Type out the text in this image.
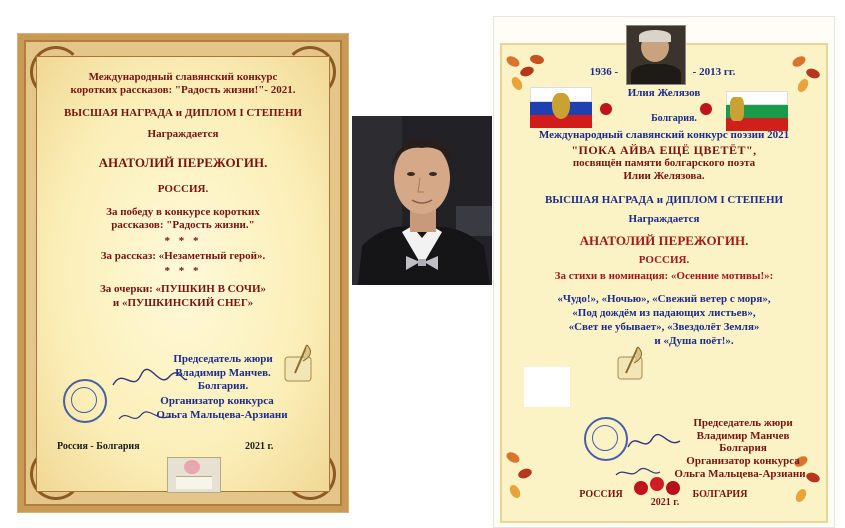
Международный славянский конкурс
коротких рассказов: "Радость жизни!"- 2021.
ВЫСШАЯ НАГРАДА и ДИПЛОМ I СТЕПЕНИ
Награждается
АНАТОЛИЙ ПЕРЕЖОГИН.
РОССИЯ.
За победу в конкурсе коротких
рассказов: "Радость жизни."
* * *
За рассказ: «Незаметный герой».
* * *
За очерки: «ПУШКИН В СОЧИ»
и «ПУШКИНСКИЙ СНЕГ»
Председатель жюри
Владимир Манчев.
Болгария.
Организатор конкурса
Ольга Мальцева-Арзиани
Россия - Болгария	2021 г.
1936 -	- 2013 гг.
Илия Желязов
Болгария.
Международный славянский конкурс поэзии 2021
"ПОКА АЙВА ЕЩЁ ЦВЕТЁТ",
посвящён памяти болгарского поэта
Илии Желязова.
ВЫСШАЯ НАГРАДА и ДИПЛОМ I СТЕПЕНИ
Награждается
АНАТОЛИЙ ПЕРЕЖОГИН.
РОССИЯ.
За стихи в номинация: «Осенние мотивы!»:
«Чудо!», «Ночью», «Свежий ветер с моря»,
«Под дождём из падающих листьев»,
«Свет не убывает», «Звездолёт Земля»
и «Душа поёт!».
Председатель жюри
Владимир Манчев
Болгария
Организатор конкурса
Ольга Мальцева-Арзиани
РОССИЯ
2021 г.
БОЛГАРИЯ
